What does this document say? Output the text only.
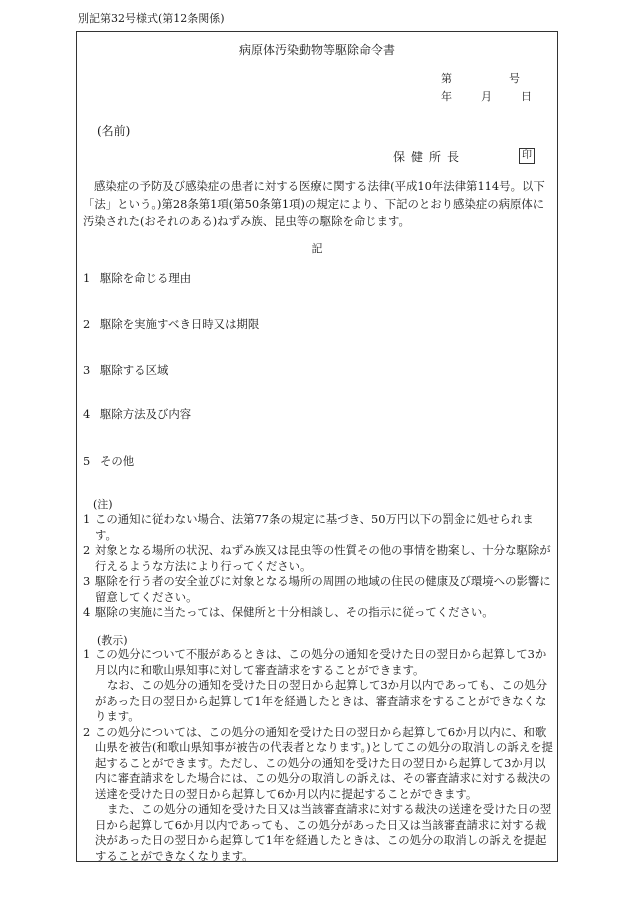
別記第32号様式(第12条関係)
病原体汚染動物等駆除命令書
第	号
年	月	日
(名前)
保健所長	印
感染症の予防及び感染症の患者に対する医療に関する法律(平成10年法律第114号。以下「法」という。)第28条第1項(第50条第1項)の規定により、下記のとおり感染症の病原体に汚染された(おそれのある)ねずみ族、昆虫等の駆除を命じます。
記
1 駆除を命じる理由
2 駆除を実施すべき日時又は期限
3 駆除する区域
4 駆除方法及び内容
5 その他
(注)
1 この通知に従わない場合、法第77条の規定に基づき、50万円以下の罰金に処せられます。
2 対象となる場所の状況、ねずみ族又は昆虫等の性質その他の事情を勘案し、十分な駆除が行えるような方法により行ってください。
3 駆除を行う者の安全並びに対象となる場所の周囲の地域の住民の健康及び環境への影響に留意してください。
4 駆除の実施に当たっては、保健所と十分相談し、その指示に従ってください。
(教示)
1 この処分について不服があるときは、この処分の通知を受けた日の翌日から起算して3か月以内に和歌山県知事に対して審査請求をすることができます。
なお、この処分の通知を受けた日の翌日から起算して3か月以内であっても、この処分があった日の翌日から起算して1年を経過したときは、審査請求をすることができなくなります。
2 この処分については、この処分の通知を受けた日の翌日から起算して6か月以内に、和歌山県を被告(和歌山県知事が被告の代表者となります。)としてこの処分の取消しの訴えを提起することができます。ただし、この処分の通知を受けた日の翌日から起算して3か月以内に審査請求をした場合には、この処分の取消しの訴えは、その審査請求に対する裁決の送達を受けた日の翌日から起算して6か月以内に提起することができます。
また、この処分の通知を受けた日又は当該審査請求に対する裁決の送達を受けた日の翌日から起算して6か月以内であっても、この処分があった日又は当該審査請求に対する裁決があった日の翌日から起算して1年を経過したときは、この処分の取消しの訴えを提起することができなくなります。
